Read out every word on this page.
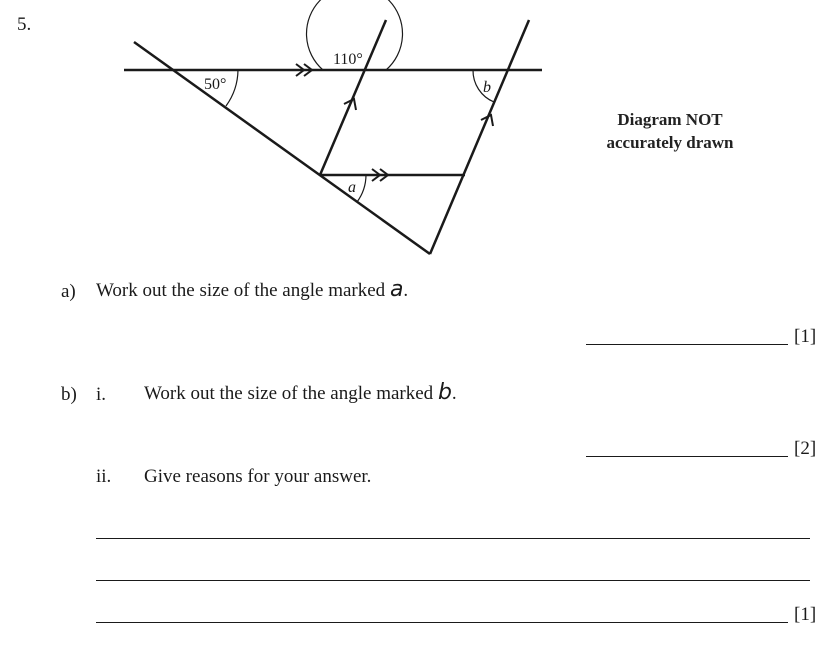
5.
50°
110°
a
b
Diagram NOT
accurately drawn
a) Work out the size of the angle marked a.
[1]
b) i. Work out the size of the angle marked b.
[2]
ii. Give reasons for your answer.
[1]
